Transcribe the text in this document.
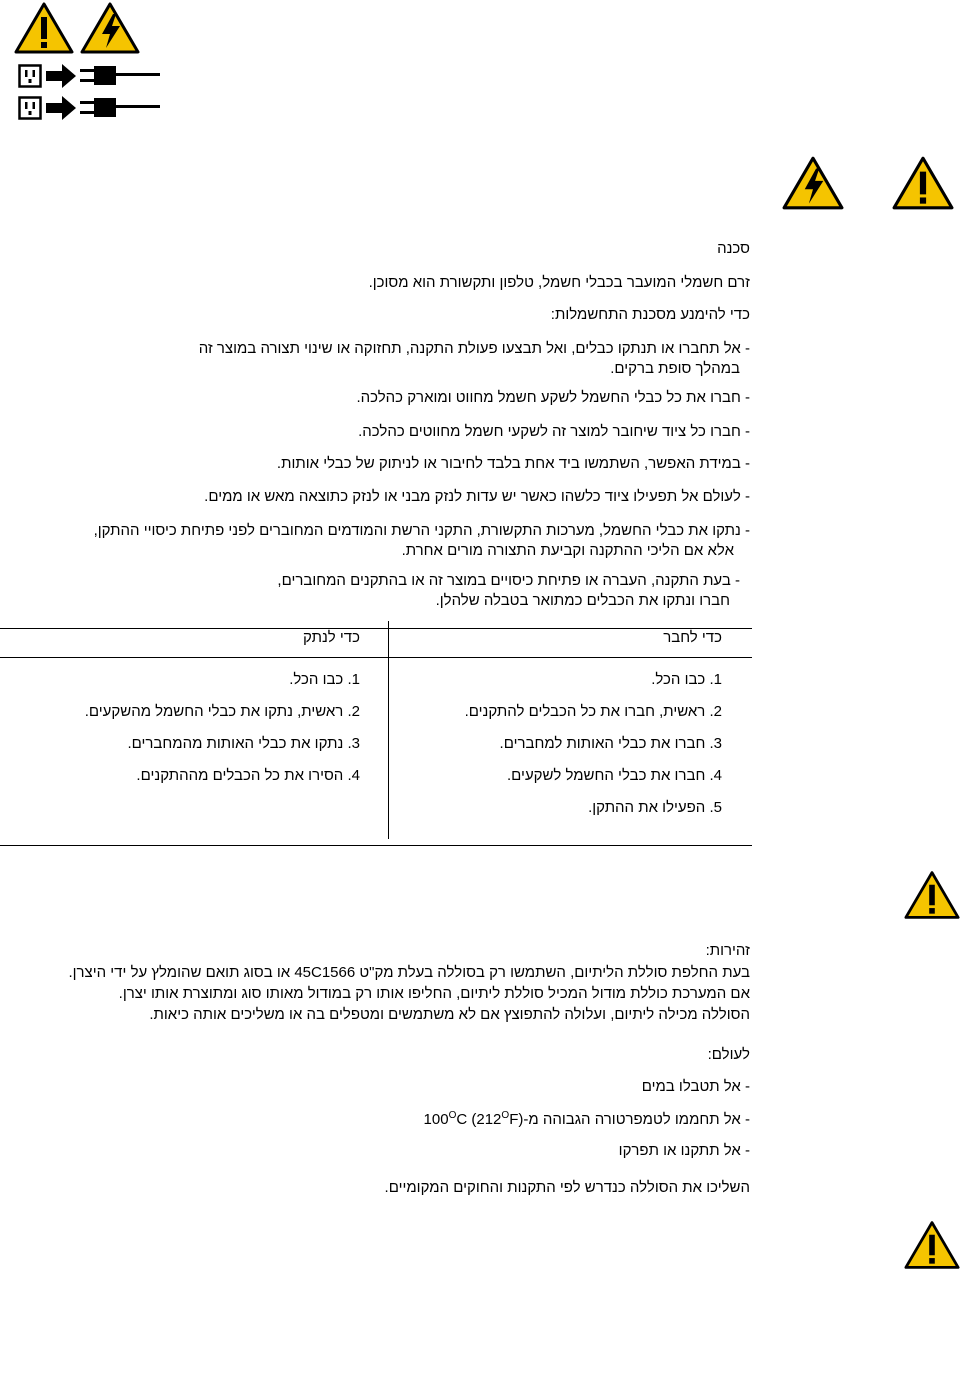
סכנה
זרם חשמלי המועבר בכבלי חשמל, טלפון ותקשורת הוא מסוכן.
כדי להימנע מסכנת התחשמלות:
- אל תחברו או תנתקו כבלים, ואל תבצעו פעולת התקנה, תחזוקה או שינוי תצורה במוצר זה
במהלך סופת ברקים.
- חברו את כל כבלי החשמל לשקע חשמל מחווט ומוארק כהלכה.
- חברו כל ציוד שיחובר למוצר זה לשקעי חשמל מחווטים כהלכה.
- במידת האפשר, השתמשו ביד אחת בלבד לחיבור או לניתוק של כבלי אותות.
- לעולם אל תפעילו ציוד כלשהו כאשר יש עדות לנזק מבני או לנזק כתוצאה מאש או ממים.
- נתקו את כבלי החשמל, מערכות התקשורת, התקני הרשת והמודמים המחוברים לפני פתיחת כיסויי ההתקן,
אלא אם הליכי ההתקנה וקביעת התצורה מורים אחרת.
- בעת התקנה, העברה או פתיחת כיסויים במוצר זה או בהתקנים המחוברים,
חברו ונתקו את הכבלים כמתואר בטבלה שלהלן.
כדי לחבר
כדי לנתק
1. כבו הכל.
2. ראשית, חברו את כל הכבלים להתקנים.
3. חברו את כבלי האותות למחברים.
4. חברו את כבלי החשמל לשקעים.
5. הפעילו את ההתקן.
1. כבו הכל.
2. ראשית, נתקו את כבלי החשמל מהשקעים.
3. נתקו את כבלי האותות מהמחברים.
4. הסירו את כל הכבלים מההתקנים.
זהירות:
בעת החלפת סוללת הליתיום, השתמשו רק בסוללה בעלת מק"ט 45C1566 או בסוג תואם שהומלץ על ידי היצרן.
אם המערכת כוללת מודול המכיל סוללת ליתיום, החליפו אותו רק במודול מאותו סוג ומתוצרת אותו יצרן.
הסוללה מכילה ליתיום, ועלולה להתפוצץ אם לא משתמשים ומטפלים בה או משליכים אותה כיאות.
לעולם:
- אל תטבלו במים
- אל תחממו לטמפרטורה הגבוהה $מ-100^OC$ $(212^OF)$
- אל תתקנו או תפרקו
השליכו את הסוללה כנדרש לפי התקנות והחוקים המקומיים.
